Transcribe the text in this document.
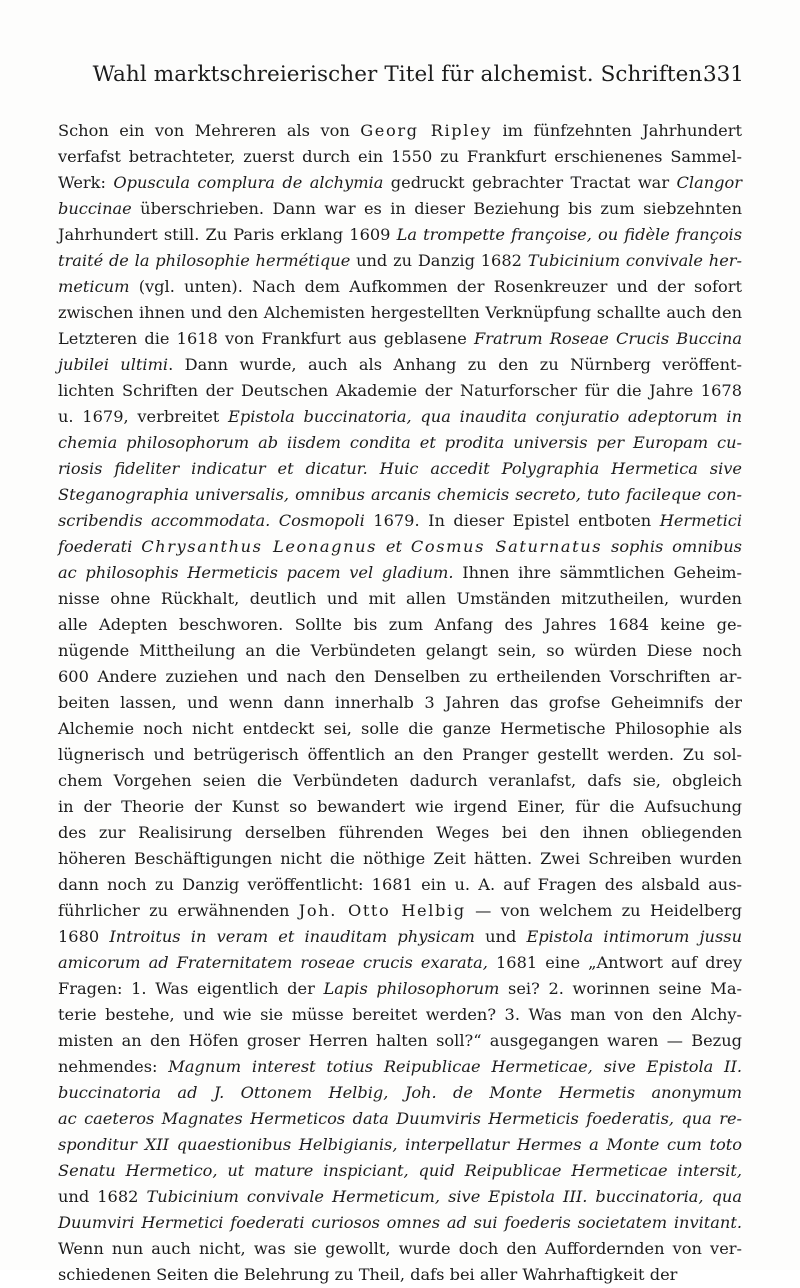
Wahl marktschreierischer Titel für alchemist. Schriften.
331
Schon ein von Mehreren als von Georg Ripley im fünfzehnten Jahrhundert
verfafst betrachteter, zuerst durch ein 1550 zu Frankfurt erschienenes Sammel-
Werk: Opuscula complura de alchymia gedruckt gebrachter Tractat war Clangor
buccinae überschrieben. Dann war es in dieser Beziehung bis zum siebzehnten
Jahrhundert still. Zu Paris erklang 1609 La trompette françoise, ou fidèle françois
traité de la philosophie hermétique und zu Danzig 1682 Tubicinium convivale her-
meticum (vgl. unten). Nach dem Aufkommen der Rosenkreuzer und der sofort
zwischen ihnen und den Alchemisten hergestellten Verknüpfung schallte auch den
Letzteren die 1618 von Frankfurt aus geblasene Fratrum Roseae Crucis Buccina
jubilei ultimi. Dann wurde, auch als Anhang zu den zu Nürnberg veröffent-
lichten Schriften der Deutschen Akademie der Naturforscher für die Jahre 1678
u. 1679, verbreitet Epistola buccinatoria, qua inaudita conjuratio adeptorum in
chemia philosophorum ab iisdem condita et prodita universis per Europam cu-
riosis fideliter indicatur et dicatur. Huic accedit Polygraphia Hermetica sive
Steganographia universalis, omnibus arcanis chemicis secreto, tuto facileque con-
scribendis accommodata. Cosmopoli 1679. In dieser Epistel entboten Hermetici
foederati Chrysanthus Leonagnus et Cosmus Saturnatus sophis omnibus
ac philosophis Hermeticis pacem vel gladium. Ihnen ihre sämmtlichen Geheim-
nisse ohne Rückhalt, deutlich und mit allen Umständen mitzutheilen, wurden
alle Adepten beschworen. Sollte bis zum Anfang des Jahres 1684 keine ge-
nügende Mittheilung an die Verbündeten gelangt sein, so würden Diese noch
600 Andere zuziehen und nach den Denselben zu ertheilenden Vorschriften ar-
beiten lassen, und wenn dann innerhalb 3 Jahren das grofse Geheimnifs der
Alchemie noch nicht entdeckt sei, solle die ganze Hermetische Philosophie als
lügnerisch und betrügerisch öffentlich an den Pranger gestellt werden. Zu sol-
chem Vorgehen seien die Verbündeten dadurch veranlafst, dafs sie, obgleich
in der Theorie der Kunst so bewandert wie irgend Einer, für die Aufsuchung
des zur Realisirung derselben führenden Weges bei den ihnen obliegenden
höheren Beschäftigungen nicht die nöthige Zeit hätten. Zwei Schreiben wurden
dann noch zu Danzig veröffentlicht: 1681 ein u. A. auf Fragen des alsbald aus-
führlicher zu erwähnenden Joh. Otto Helbig — von welchem zu Heidelberg
1680 Introitus in veram et inauditam physicam und Epistola intimorum jussu
amicorum ad Fraternitatem roseae crucis exarata, 1681 eine „Antwort auf drey
Fragen: 1. Was eigentlich der Lapis philosophorum sei? 2. worinnen seine Ma-
terie bestehe, und wie sie müsse bereitet werden? 3. Was man von den Alchy-
misten an den Höfen groser Herren halten soll?“ ausgegangen waren — Bezug
nehmendes: Magnum interest totius Reipublicae Hermeticae, sive Epistola II.
buccinatoria ad J. Ottonem Helbig, Joh. de Monte Hermetis anonymum
ac caeteros Magnates Hermeticos data Duumviris Hermeticis foederatis, qua re-
sponditur XII quaestionibus Helbigianis, interpellatur Hermes a Monte cum toto
Senatu Hermetico, ut mature inspiciant, quid Reipublicae Hermeticae intersit,
und 1682 Tubicinium convivale Hermeticum, sive Epistola III. buccinatoria, qua
Duumviri Hermetici foederati curiosos omnes ad sui foederis societatem invitant.
Wenn nun auch nicht, was sie gewollt, wurde doch den Auffordernden von ver-
schiedenen Seiten die Belehrung zu Theil, dafs bei aller Wahrhaftigkeit der
